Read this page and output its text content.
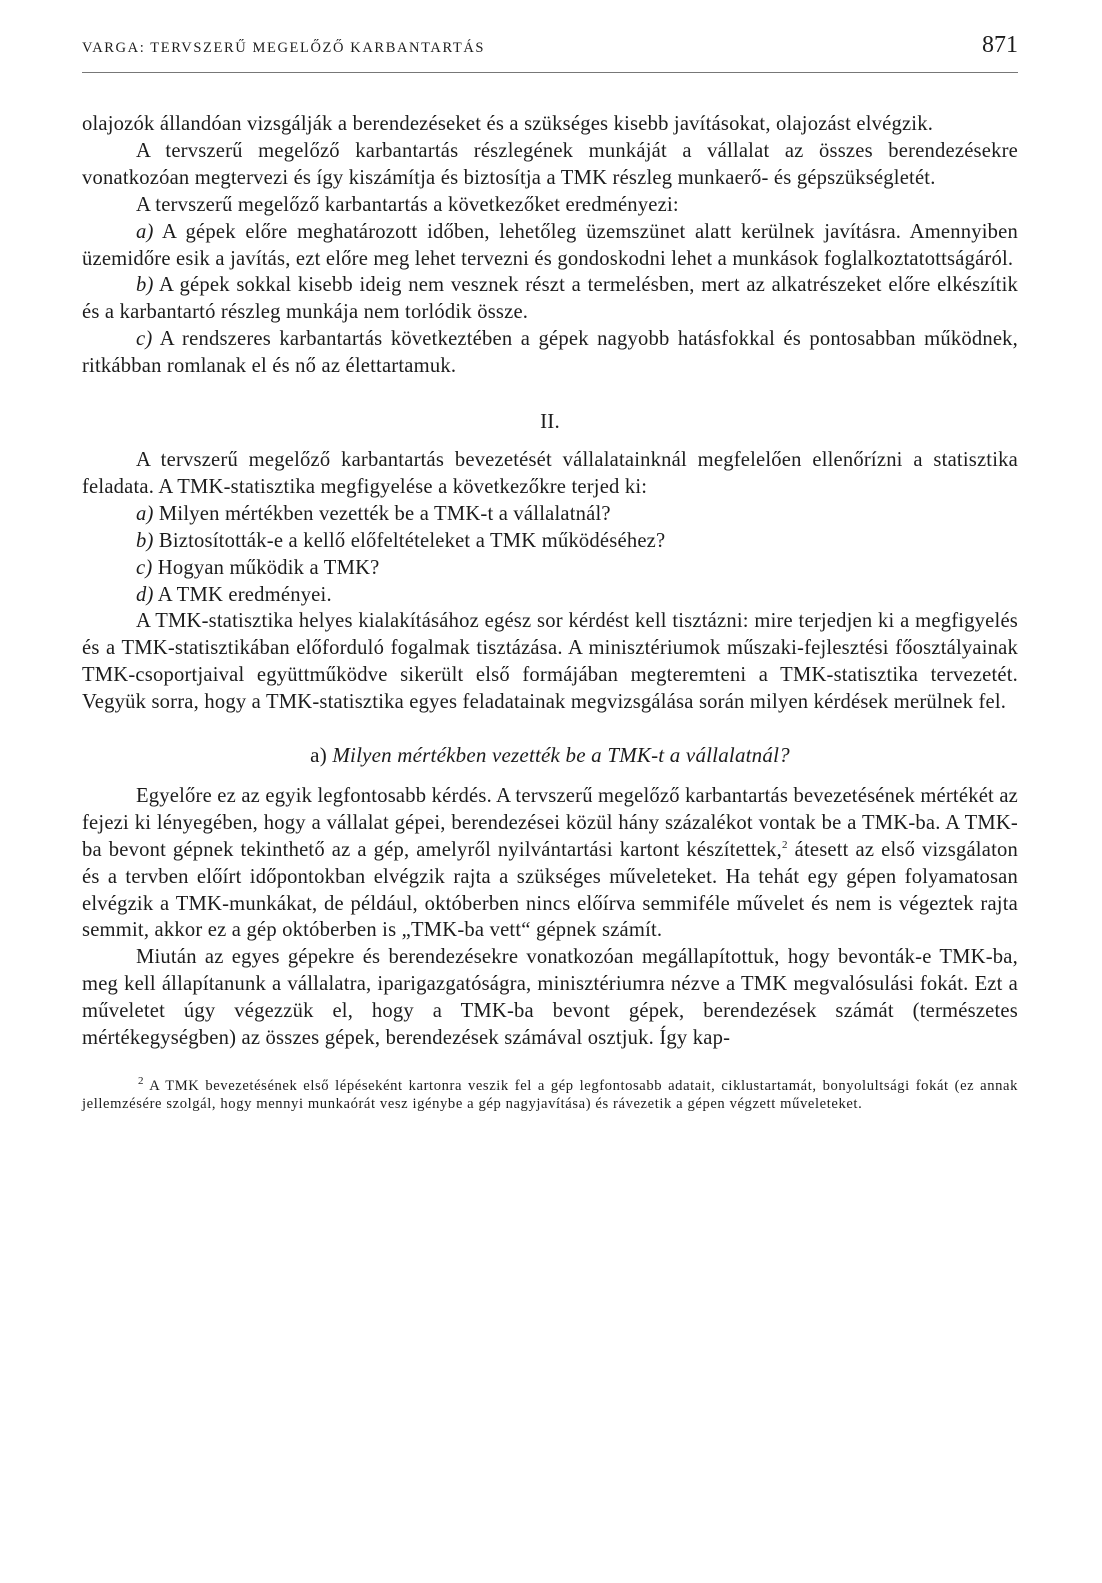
VARGA: TERVSZERŰ MEGELŐZŐ KARBANTARTÁS	871

olajozók állandóan vizsgálják a berendezéseket és a szükséges kisebb javításokat, olajozást elvégzik.

A tervszerű megelőző karbantartás részlegének munkáját a vállalat az összes berendezésekre vonatkozóan megtervezi és így kiszámítja és biztosítja a TMK részleg munkaerő- és gépszükségletét.

A tervszerű megelőző karbantartás a következőket eredményezi:

a) A gépek előre meghatározott időben, lehetőleg üzemszünet alatt kerülnek javításra. Amennyiben üzemidőre esik a javítás, ezt előre meg lehet tervezni és gondoskodni lehet a munkások foglalkoztatottságáról.

b) A gépek sokkal kisebb ideig nem vesznek részt a termelésben, mert az alkatrészeket előre elkészítik és a karbantartó részleg munkája nem torlódik össze.

c) A rendszeres karbantartás következtében a gépek nagyobb hatásfokkal és pontosabban működnek, ritkábban romlanak el és nő az élettartamuk.

II.

A tervszerű megelőző karbantartás bevezetését vállalatainknál megfelelően ellenőrízni a statisztika feladata. A TMK-statisztika megfigyelése a következőkre terjed ki:

a) Milyen mértékben vezették be a TMK-t a vállalatnál?

b) Biztosították-e a kellő előfeltételeket a TMK működéséhez?

c) Hogyan működik a TMK?

d) A TMK eredményei.

A TMK-statisztika helyes kialakításához egész sor kérdést kell tisztázni: mire terjedjen ki a megfigyelés és a TMK-statisztikában előforduló fogalmak tisztázása. A minisztériumok műszaki-fejlesztési főosztályainak TMK-csoportjaival együttműködve sikerült első formájában megteremteni a TMK-statisztika tervezetét. Vegyük sorra, hogy a TMK-statisztika egyes feladatainak megvizsgálása során milyen kérdések merülnek fel.

a) Milyen mértékben vezették be a TMK-t a vállalatnál?

Egyelőre ez az egyik legfontosabb kérdés. A tervszerű megelőző karbantartás bevezetésének mértékét az fejezi ki lényegében, hogy a vállalat gépei, berendezései közül hány százalékot vontak be a TMK-ba. A TMK-ba bevont gépnek tekinthető az a gép, amelyről nyilvántartási kartont készítettek,$^2$ átesett az első vizsgálaton és a tervben előírt időpontokban elvégzik rajta a szükséges műveleteket. Ha tehát egy gépen folyamatosan elvégzik a TMK-munkákat, de például, októberben nincs előírva semmiféle művelet és nem is végeztek rajta semmit, akkor ez a gép októberben is „TMK-ba vett“ gépnek számít.

Miután az egyes gépekre és berendezésekre vonatkozóan megállapítottuk, hogy bevonták-e TMK-ba, meg kell állapítanunk a vállalatra, iparigazgatóságra, minisztériumra nézve a TMK megvalósulási fokát. Ezt a műveletet úgy végezzük el, hogy a TMK-ba bevont gépek, berendezések számát (természetes mértékegységben) az összes gépek, berendezések számával osztjuk. Így kap-

$^2$ A TMK bevezetésének első lépéseként kartonra veszik fel a gép legfontosabb adatait, ciklustartamát, bonyolultsági fokát (ez annak jellemzésére szolgál, hogy mennyi munkaórát vesz igénybe a gép nagyjavítása) és rávezetik a gépen végzett műveleteket.
